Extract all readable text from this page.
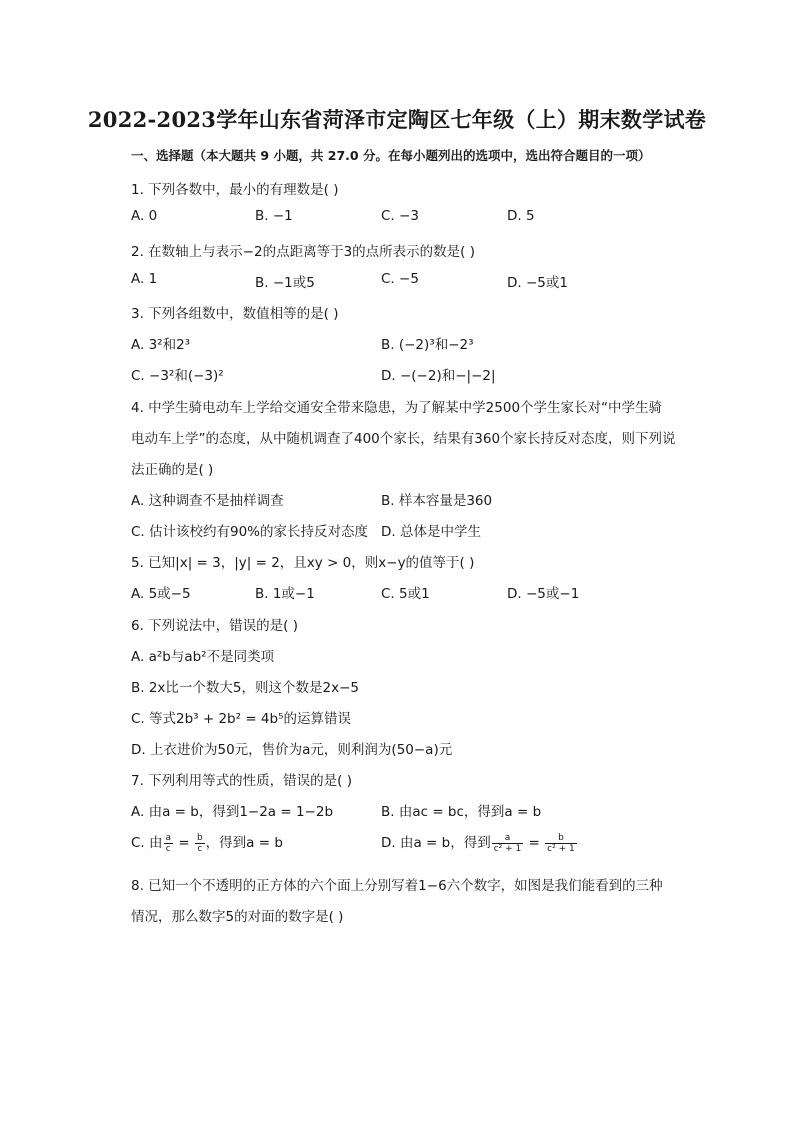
2022-2023学年山东省菏泽市定陶区七年级（上）期末数学试卷
一、选择题（本大题共 9 小题，共 27.0 分。在每小题列出的选项中，选出符合题目的一项）
1. 下列各数中，最小的有理数是( )
A. 0	B. −1	C. −3	D. 5
2. 在数轴上与表示−2的点距离等于3的点所表示的数是( )
A. 1	B. −1或5	C. −5	D. −5或1
3. 下列各组数中，数值相等的是( )
A. 3²和2³	B. (−2)³和−2³
C. −3²和(−3)²	D. −(−2)和−|−2|
4. 中学生骑电动车上学给交通安全带来隐患，为了解某中学2500个学生家长对“中学生骑
电动车上学”的态度，从中随机调查了400个家长，结果有360个家长持反对态度，则下列说
法正确的是( )
A. 这种调查不是抽样调查	B. 样本容量是360
C. 估计该校约有90%的家长持反对态度 D. 总体是中学生
5. 已知|x| = 3，|y| = 2，且xy > 0，则x−y的值等于( )
A. 5或−5	B. 1或−1	C. 5或1	D. −5或−1
6. 下列说法中，错误的是( )
A. a²b与ab²不是同类项
B. 2x比一个数大5，则这个数是2x−5
C. 等式2b³ + 2b² = 4b⁵的运算错误
D. 上衣进价为50元，售价为a元，则利润为(50−a)元
7. 下列利用等式的性质，错误的是( )
A. 由a = b，得到1−2a = 1−2b	B. 由ac = bc，得到a = b
C. 由 $\frac{a}{c} = \frac{b}{c}$ ，得到a = b	D. 由a = b，得到 $\frac{a}{\text{c² + 1}} = \frac{b}{\text{c² + 1}}$
8. 已知一个不透明的正方体的六个面上分别写着1−6六个数字，如图是我们能看到的三种
情况，那么数字5的对面的数字是( )
